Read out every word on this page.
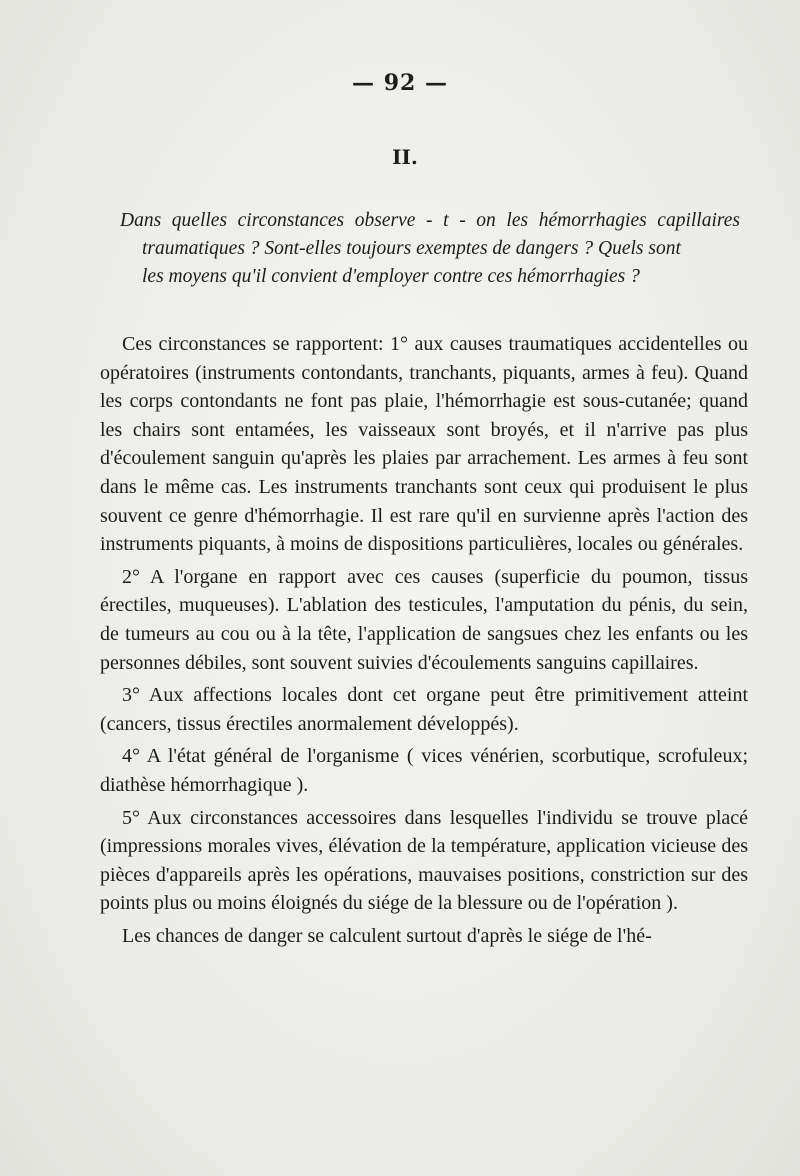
— 92 —
II.
Dans quelles circonstances observe - t - on les hémorrhagies capillaires
traumatiques ? Sont-elles toujours exemptes de dangers ? Quels sont
les moyens qu'il convient d'employer contre ces hémorrhagies ?

Ces circonstances se rapportent: 1° aux causes traumatiques accidentelles ou opératoires (instruments contondants, tranchants, piquants, armes à feu). Quand les corps contondants ne font pas plaie, l'hémorrhagie est sous-cutanée; quand les chairs sont entamées, les vaisseaux sont broyés, et il n'arrive pas plus d'écoulement sanguin qu'après les plaies par arrachement. Les armes à feu sont dans le même cas. Les instruments tranchants sont ceux qui produisent le plus souvent ce genre d'hémorrhagie. Il est rare qu'il en survienne après l'action des instruments piquants, à moins de dispositions particulières, locales ou générales.

2° A l'organe en rapport avec ces causes (superficie du poumon, tissus érectiles, muqueuses). L'ablation des testicules, l'amputation du pénis, du sein, de tumeurs au cou ou à la tête, l'application de sangsues chez les enfants ou les personnes débiles, sont souvent suivies d'écoulements sanguins capillaires.

3° Aux affections locales dont cet organe peut être primitivement atteint (cancers, tissus érectiles anormalement développés).

4° A l'état général de l'organisme ( vices vénérien, scorbutique, scrofuleux; diathèse hémorrhagique ).

5° Aux circonstances accessoires dans lesquelles l'individu se trouve placé (impressions morales vives, élévation de la température, application vicieuse des pièces d'appareils après les opérations, mauvaises positions, constriction sur des points plus ou moins éloignés du siége de la blessure ou de l'opération ).

Les chances de danger se calculent surtout d'après le siége de l'hé-
